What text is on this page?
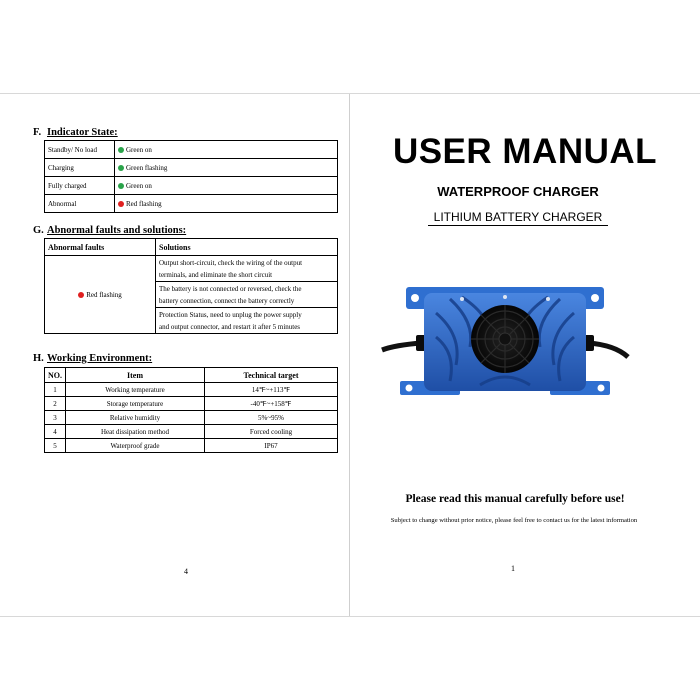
F. Indicator State:
Standby/ No load	Green on
Charging	Green flashing
Fully charged	Green on
Abnormal	Red flashing
G. Abnormal faults and solutions:
Abnormal faults	Solutions
Red flashing	Output short-circuit, check the wiring of the output
terminals, and eliminate the short circuit

	The battery is not connected or reversed, check the
battery connection, connect the battery correctly

	Protection Status, need to unplug the power supply
and output connector, and restart it after 5 minutes
H. Working Environment:
NO.	Item	Technical target
1	Working temperature	14℉~+113℉
2	Storage temperature	-40℉~+158℉
3	Relative humidity	5%~95%
4	Heat dissipation method	Forced cooling
5	Waterproof grade	IP67
4
USER MANUAL
WATERPROOF CHARGER
LITHIUM BATTERY CHARGER
Please read this manual carefully before use!
Subject to change without prior notice, please feel free to contact us for the latest information
1
